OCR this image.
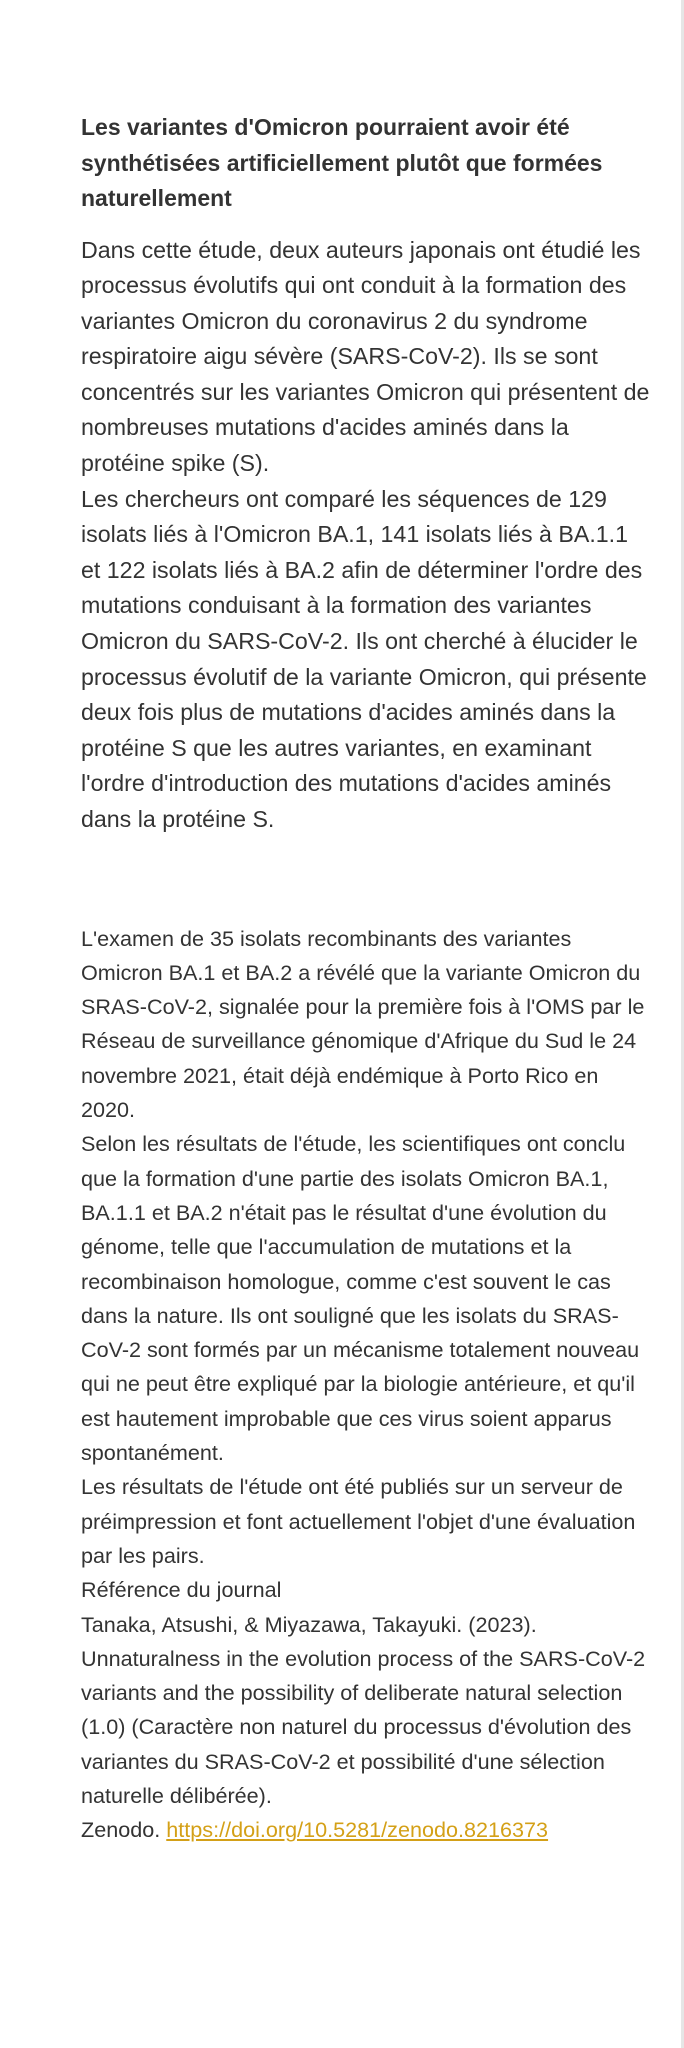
Les variantes d'Omicron pourraient avoir été synthétisées artificiellement plutôt que formées naturellement

Dans cette étude, deux auteurs japonais ont étudié les processus évolutifs qui ont conduit à la formation des variantes Omicron du coronavirus 2 du syndrome respiratoire aigu sévère (SARS-CoV-2). Ils se sont concentrés sur les variantes Omicron qui présentent de nombreuses mutations d'acides aminés dans la protéine spike (S).

Les chercheurs ont comparé les séquences de 129 isolats liés à l'Omicron BA.1, 141 isolats liés à BA.1.1 et 122 isolats liés à BA.2 afin de déterminer l'ordre des mutations conduisant à la formation des variantes Omicron du SARS-CoV-2. Ils ont cherché à élucider le processus évolutif de la variante Omicron, qui présente deux fois plus de mutations d'acides aminés dans la protéine S que les autres variantes, en examinant l'ordre d'introduction des mutations d'acides aminés dans la protéine S.

L'examen de 35 isolats recombinants des variantes Omicron BA.1 et BA.2 a révélé que la variante Omicron du SRAS-CoV-2, signalée pour la première fois à l'OMS par le Réseau de surveillance génomique d'Afrique du Sud le 24 novembre 2021, était déjà endémique à Porto Rico en 2020.

Selon les résultats de l'étude, les scientifiques ont conclu que la formation d'une partie des isolats Omicron BA.1, BA.1.1 et BA.2 n'était pas le résultat d'une évolution du génome, telle que l'accumulation de mutations et la recombinaison homologue, comme c'est souvent le cas dans la nature. Ils ont souligné que les isolats du SRAS-CoV-2 sont formés par un mécanisme totalement nouveau qui ne peut être expliqué par la biologie antérieure, et qu'il est hautement improbable que ces virus soient apparus spontanément.

Les résultats de l'étude ont été publiés sur un serveur de préimpression et font actuellement l'objet d'une évaluation par les pairs.

Référence du journal

Tanaka, Atsushi, & Miyazawa, Takayuki. (2023). Unnaturalness in the evolution process of the SARS-CoV-2 variants and the possibility of deliberate natural selection (1.0) (Caractère non naturel du processus d'évolution des variantes du SRAS-CoV-2 et possibilité d'une sélection naturelle délibérée).

Zenodo. https://doi.org/10.5281/zenodo.8216373
